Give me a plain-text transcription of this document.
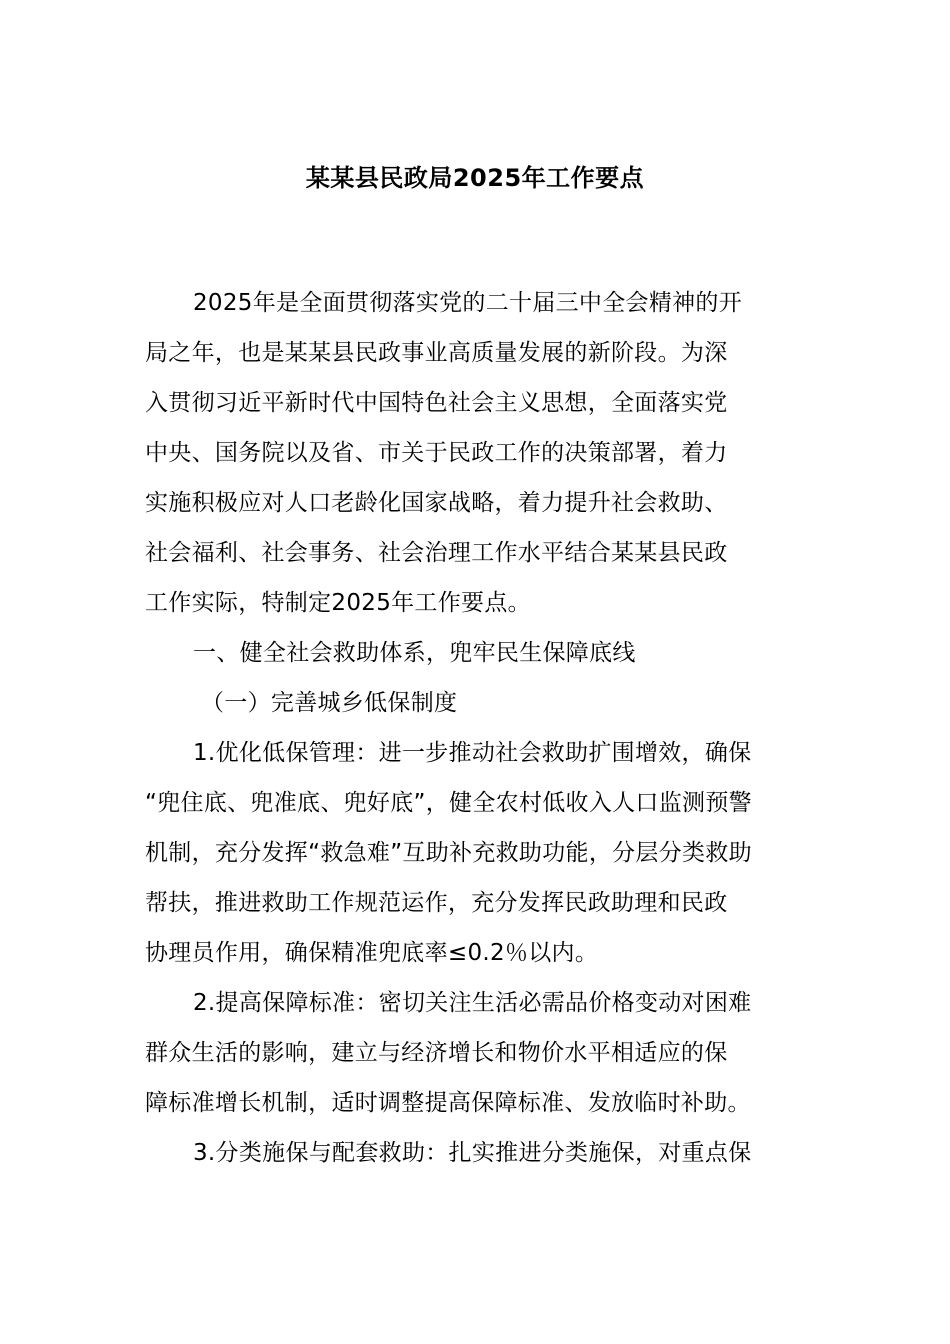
某某县民政局2025年工作要点
2025年是全面贯彻落实党的二十届三中全会精神的开
局之年，也是某某县民政事业高质量发展的新阶段。为深
入贯彻习近平新时代中国特色社会主义思想，全面落实党
中央、国务院以及省、市关于民政工作的决策部署，着力
实施积极应对人口老龄化国家战略，着力提升社会救助、
社会福利、社会事务、社会治理工作水平结合某某县民政
工作实际，特制定2025年工作要点。
一、健全社会救助体系，兜牢民生保障底线
（一）完善城乡低保制度
1.优化低保管理：进一步推动社会救助扩围增效，确保
“兜住底、兜准底、兜好底”，健全农村低收入人口监测预警
机制，充分发挥“救急难”互助补充救助功能，分层分类救助
帮扶，推进救助工作规范运作，充分发挥民政助理和民政
协理员作用，确保精准兜底率≤0.2％以内。
2.提高保障标准：密切关注生活必需品价格变动对困难
群众生活的影响，建立与经济增长和物价水平相适应的保
障标准增长机制，适时调整提高保障标准、发放临时补助。
3.分类施保与配套救助：扎实推进分类施保，对重点保
